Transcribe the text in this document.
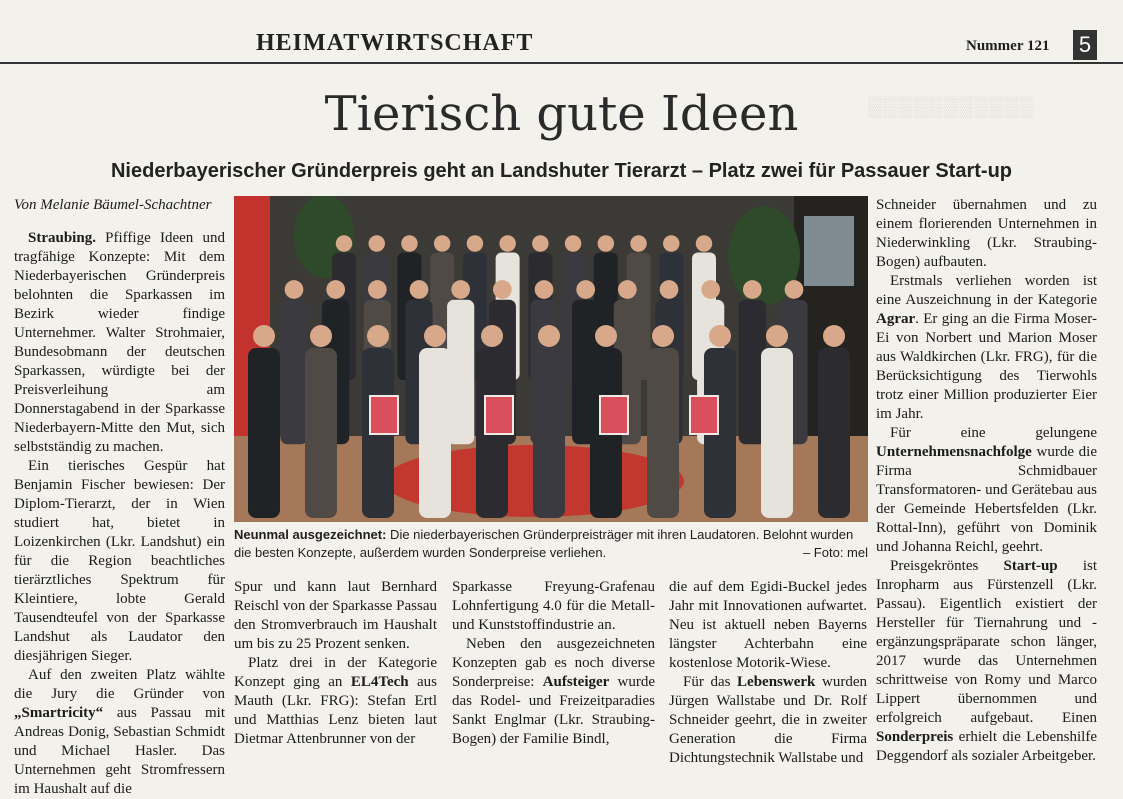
HEIMATWIRTSCHAFT	Nummer 121 5
▒▒▒▒▒▒▒▒▒▒▒
Tierisch gute Ideen
Niederbayerischer Gründerpreis geht an Landshuter Tierarzt – Platz zwei für Passauer Start-up

Von Melanie Bäumel-Schachtner

Straubing. Pfiffige Ideen und tragfähige Konzepte: Mit dem Niederbayerischen Gründerpreis belohnten die Sparkassen im Bezirk wieder findige Unternehmer. Walter Strohmaier, Bundesobmann der deutschen Sparkassen, würdigte bei der Preisverleihung am Donnerstagabend in der Sparkasse Niederbayern-Mitte den Mut, sich selbstständig zu machen.

Ein tierisches Gespür hat Benjamin Fischer bewiesen: Der Diplom-Tierarzt, der in Wien studiert hat, bietet in Loizenkirchen (Lkr. Landshut) ein für die Region beachtliches tierärztliches Spektrum für Kleintiere, lobte Gerald Tausendteufel von der Sparkasse Landshut als Laudator den diesjährigen Sieger.

Auf den zweiten Platz wählte die Jury die Gründer von „Smartricity“ aus Passau mit Andreas Donig, Sebastian Schmidt und Michael Hasler. Das Unternehmen geht Stromfressern im Haushalt auf die

Neunmal ausgezeichnet: Die niederbayerischen Gründerpreisträger mit ihren Laudatoren. Belohnt wurden die besten Konzepte, außerdem wurden Sonderpreise verliehen.	– Foto: mel

Spur und kann laut Bernhard Reischl von der Sparkasse Passau den Stromverbrauch im Haushalt um bis zu 25 Prozent senken.

Platz drei in der Kategorie Konzept ging an EL4Tech aus Mauth (Lkr. FRG): Stefan Ertl und Matthias Lenz bieten laut Dietmar Attenbrunner von der

Sparkasse Freyung-Grafenau Lohnfertigung 4.0 für die Metall- und Kunststoffindustrie an.

Neben den ausgezeichneten Konzepten gab es noch diverse Sonderpreise: Aufsteiger wurde das Rodel- und Freizeitparadies Sankt Englmar (Lkr. Straubing-Bogen) der Familie Bindl,

die auf dem Egidi-Buckel jedes Jahr mit Innovationen aufwartet. Neu ist aktuell neben Bayerns längster Achterbahn eine kostenlose Motorik-Wiese.

Für das Lebenswerk wurden Jürgen Wallstabe und Dr. Rolf Schneider geehrt, die in zweiter Generation die Firma Dichtungstechnik Wallstabe und

Schneider übernahmen und zu einem florierenden Unternehmen in Niederwinkling (Lkr. Straubing-Bogen) aufbauten.

Erstmals verliehen worden ist eine Auszeichnung in der Kategorie Agrar. Er ging an die Firma Moser-Ei von Norbert und Marion Moser aus Waldkirchen (Lkr. FRG), für die Berücksichtigung des Tierwohls trotz einer Million produzierter Eier im Jahr.

Für eine gelungene Unternehmensnachfolge wurde die Firma Schmidbauer Transformatoren- und Gerätebau aus der Gemeinde Hebertsfelden (Lkr. Rottal-Inn), geführt von Dominik und Johanna Reichl, geehrt.

Preisgekröntes Start-up ist Inropharm aus Fürstenzell (Lkr. Passau). Eigentlich existiert der Hersteller für Tiernahrung und -ergänzungspräparate schon länger, 2017 wurde das Unternehmen schrittweise von Romy und Marco Lippert übernommen und erfolgreich aufgebaut. Einen Sonderpreis erhielt die Lebenshilfe Deggendorf als sozialer Arbeitgeber.
